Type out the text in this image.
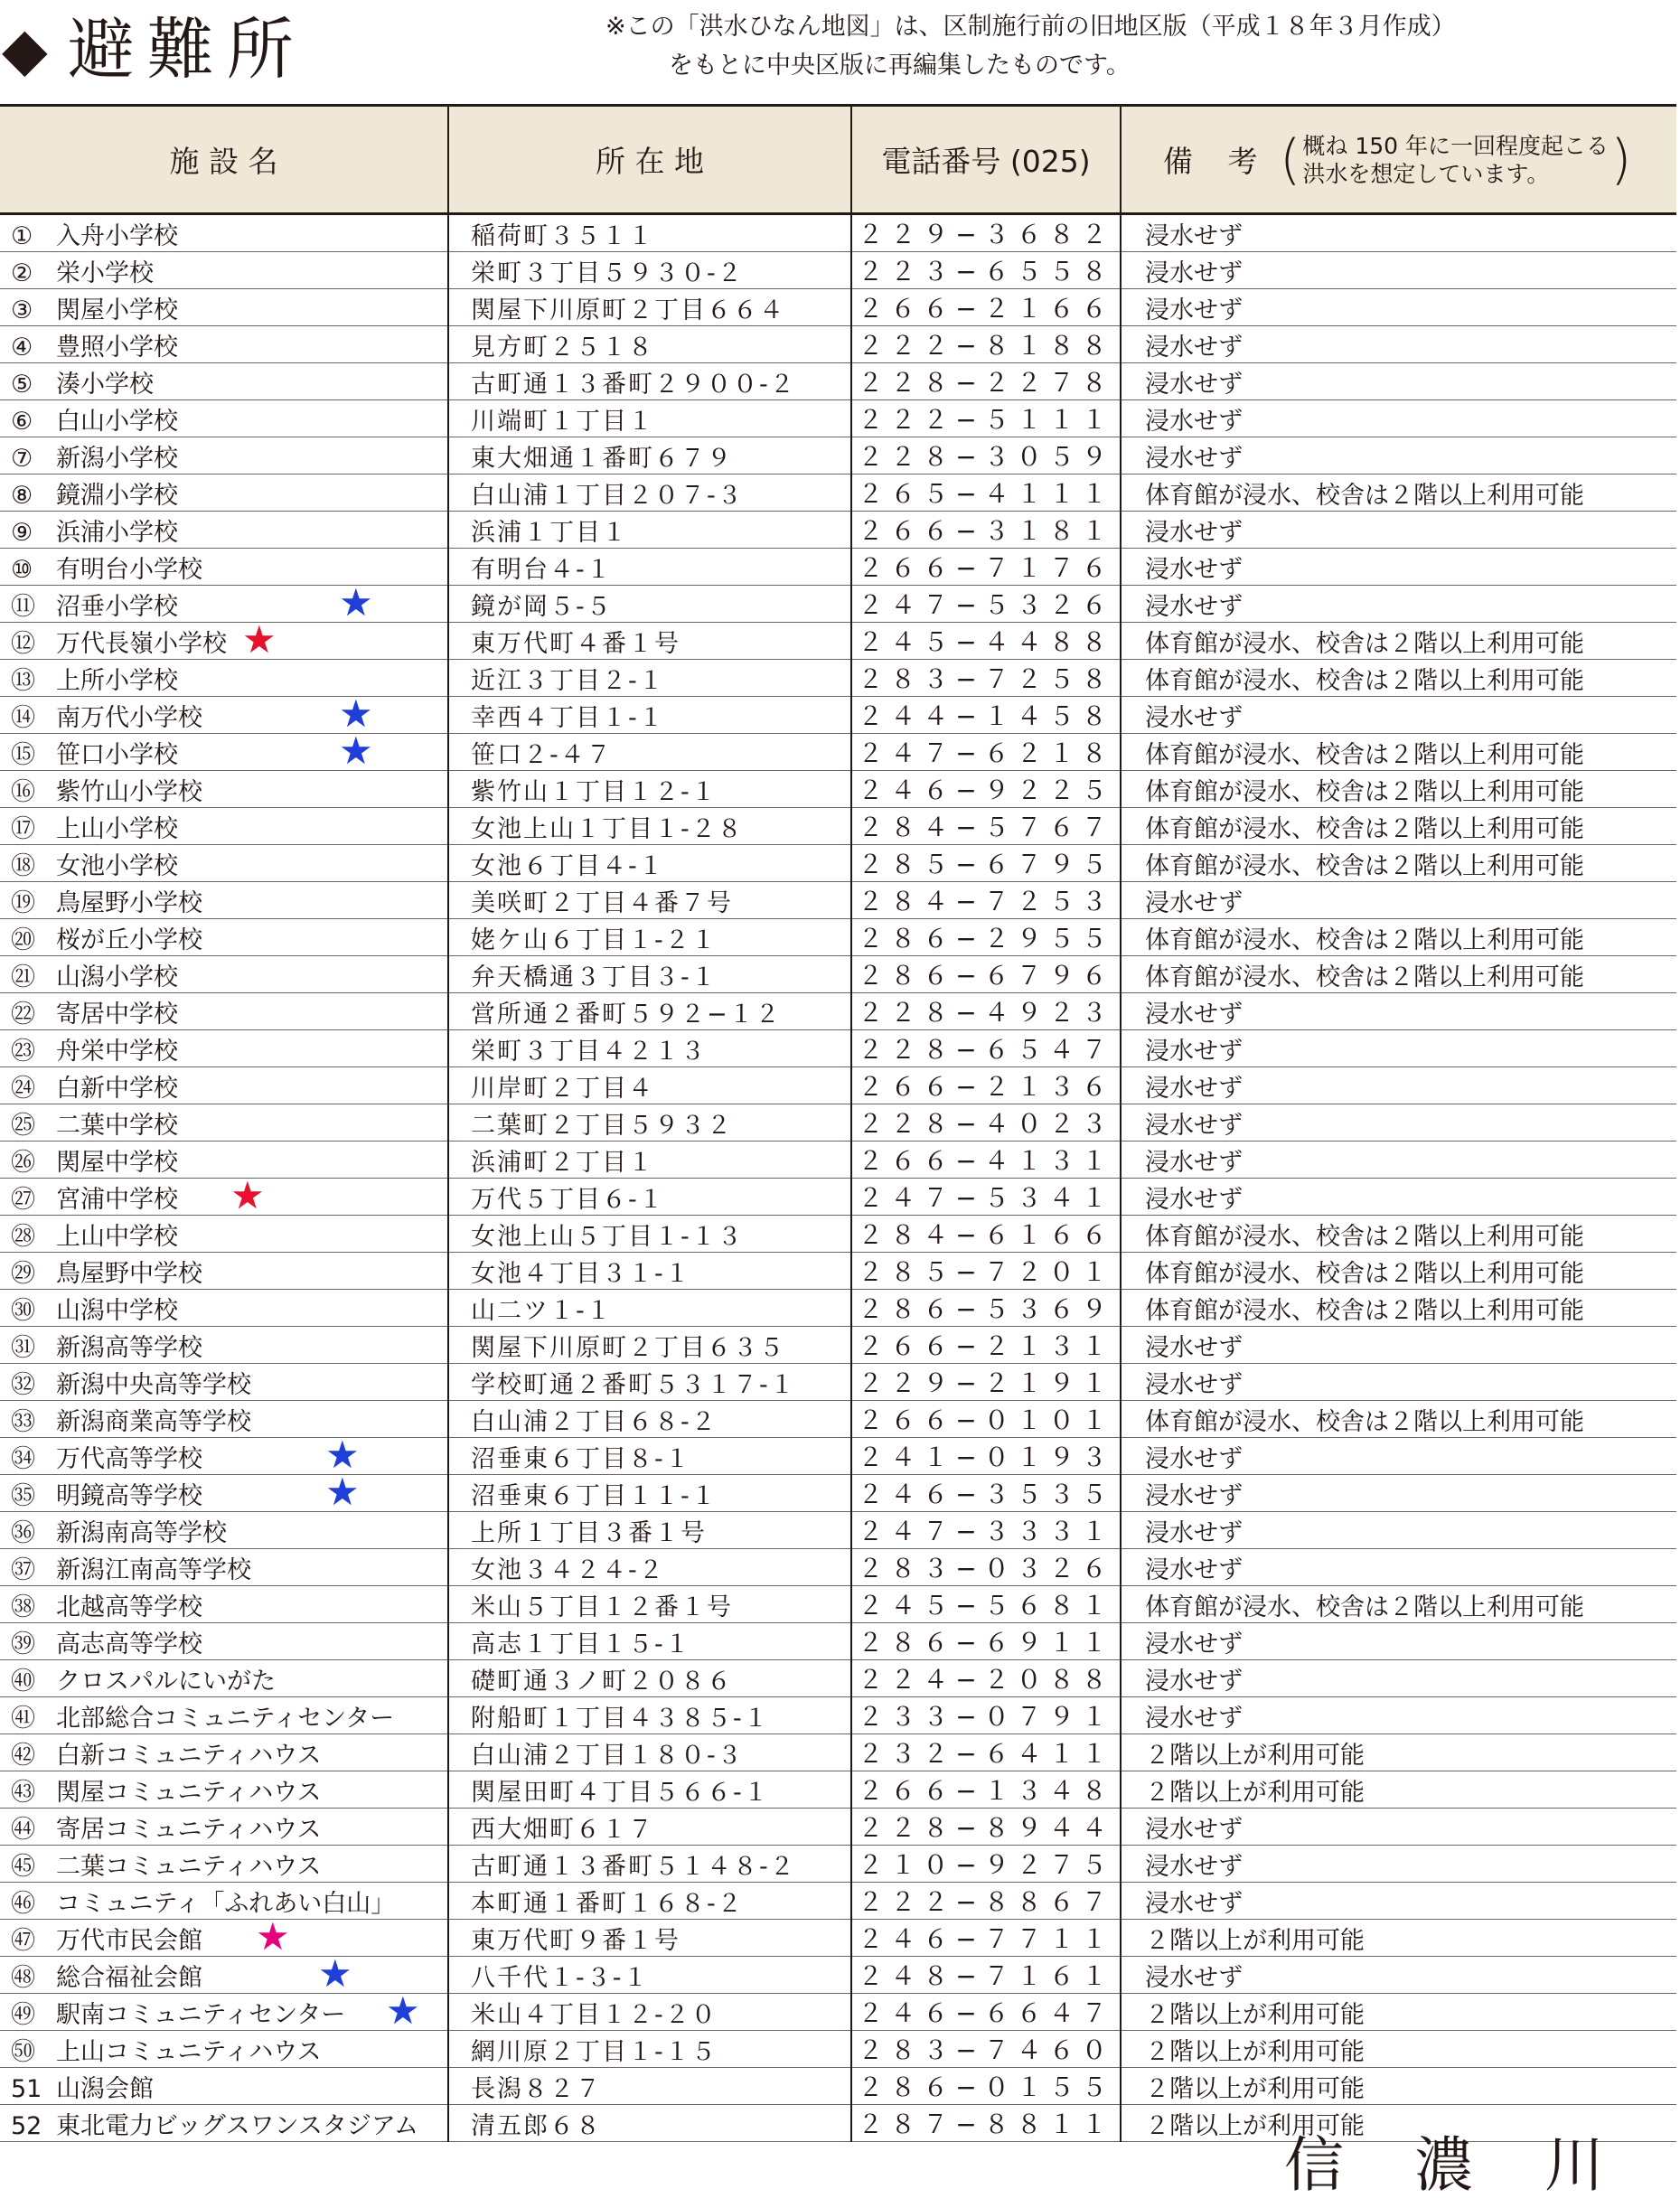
◆ 避難所	※この「洪水ひなん地図」は、区制施行前の旧地区版（平成１８年３月作成）
をもとに中央区版に再編集したものです。
施 設 名	所 在 地	電話番号 (025)	備 考 (概ね 150 年に一回程度起こる
洪水を想定しています。 )
① 入舟小学校	稲荷町３５１１	２２９−３６８２	浸水せず
② 栄小学校	栄町３丁目５９３０-２	２２３−６５５８	浸水せず
③ 関屋小学校	関屋下川原町２丁目６６４	２６６−２１６６	浸水せず
④ 豊照小学校	見方町２５１８	２２２−８１８８	浸水せず
⑤ 湊小学校	古町通１３番町２９００-２	２２８−２２７８	浸水せず
⑥ 白山小学校	川端町１丁目１	２２２−５１１１	浸水せず
⑦ 新潟小学校	東大畑通１番町６７９	２２８−３０５９	浸水せず
⑧ 鏡淵小学校	白山浦１丁目２０７-３	２６５−４１１１	体育館が浸水、校舎は２階以上利用可能
⑨ 浜浦小学校	浜浦１丁目１	２６６−３１８１	浸水せず
⑩ 有明台小学校	有明台４-１	２６６−７１７６	浸水せず
⑪ 沼垂小学校 ★	鏡が岡５-５	２４７−５３２６	浸水せず
⑫ 万代長嶺小学校 ★	東万代町４番１号	２４５−４４８８	体育館が浸水、校舎は２階以上利用可能
⑬ 上所小学校	近江３丁目２-１	２８３−７２５８	体育館が浸水、校舎は２階以上利用可能
⑭ 南万代小学校 ★	幸西４丁目１-１	２４４−１４５８	浸水せず
⑮ 笹口小学校 ★	笹口２-４７	２４７−６２１８	体育館が浸水、校舎は２階以上利用可能
⑯ 紫竹山小学校	紫竹山１丁目１２-１	２４６−９２２５	体育館が浸水、校舎は２階以上利用可能
⑰ 上山小学校	女池上山１丁目１-２８	２８４−５７６７	体育館が浸水、校舎は２階以上利用可能
⑱ 女池小学校	女池６丁目４-１	２８５−６７９５	体育館が浸水、校舎は２階以上利用可能
⑲ 鳥屋野小学校	美咲町２丁目４番７号	２８４−７２５３	浸水せず
⑳ 桜が丘小学校	姥ケ山６丁目１-２１	２８６−２９５５	体育館が浸水、校舎は２階以上利用可能
㉑ 山潟小学校	弁天橋通３丁目３-１	２８６−６７９６	体育館が浸水、校舎は２階以上利用可能
㉒ 寄居中学校	営所通２番町５９２−１２	２２８−４９２３	浸水せず
㉓ 舟栄中学校	栄町３丁目４２１３	２２８−６５４７	浸水せず
㉔ 白新中学校	川岸町２丁目４	２６６−２１３６	浸水せず
㉕ 二葉中学校	二葉町２丁目５９３２	２２８−４０２３	浸水せず
㉖ 関屋中学校	浜浦町２丁目１	２６６−４１３１	浸水せず
㉗ 宮浦中学校 ★	万代５丁目６-１	２４７−５３４１	浸水せず
㉘ 上山中学校	女池上山５丁目１-１３	２８４−６１６６	体育館が浸水、校舎は２階以上利用可能
㉙ 鳥屋野中学校	女池４丁目３１-１	２８５−７２０１	体育館が浸水、校舎は２階以上利用可能
㉚ 山潟中学校	山二ツ１-１	２８６−５３６９	体育館が浸水、校舎は２階以上利用可能
㉛ 新潟高等学校	関屋下川原町２丁目６３５	２６６−２１３１	浸水せず
㉜ 新潟中央高等学校	学校町通２番町５３１７-１	２２９−２１９１	浸水せず
㉝ 新潟商業高等学校	白山浦２丁目６８-２	２６６−０１０１	体育館が浸水、校舎は２階以上利用可能
㉞ 万代高等学校 ★	沼垂東６丁目８-１	２４１−０１９３	浸水せず
㉟ 明鏡高等学校 ★	沼垂東６丁目１１-１	２４６−３５３５	浸水せず
㊱ 新潟南高等学校	上所１丁目３番１号	２４７−３３３１	浸水せず
㊲ 新潟江南高等学校	女池３４２４-２	２８３−０３２６	浸水せず
㊳ 北越高等学校	米山５丁目１２番１号	２４５−５６８１	体育館が浸水、校舎は２階以上利用可能
㊴ 高志高等学校	高志１丁目１５-１	２８６−６９１１	浸水せず
㊵ クロスパルにいがた	礎町通３ノ町２０８６	２２４−２０８８	浸水せず
㊶ 北部総合コミュニティセンター	附船町１丁目４３８５-１	２３３−０７９１	浸水せず
㊷ 白新コミュニティハウス	白山浦２丁目１８０-３	２３２−６４１１	２階以上が利用可能
㊸ 関屋コミュニティハウス	関屋田町４丁目５６６-１	２６６−１３４８	２階以上が利用可能
㊹ 寄居コミュニティハウス	西大畑町６１７	２２８−８９４４	浸水せず
㊺ 二葉コミュニティハウス	古町通１３番町５１４８-２	２１０−９２７５	浸水せず
㊻ コミュニティ「ふれあい白山」	本町通１番町１６８-２	２２２−８８６７	浸水せず
㊼ 万代市民会館 ★	東万代町９番１号	２４６−７７１１	２階以上が利用可能
㊽ 総合福祉会館 ★	八千代１-３-１	２４８−７１６１	浸水せず
㊾ 駅南コミュニティセンター ★	米山４丁目１２-２０	２４６−６６４７	２階以上が利用可能
㊿ 上山コミュニティハウス	網川原２丁目１-１５	２８３−７４６０	２階以上が利用可能
51 山潟会館	長潟８２７	２８６−０１５５	２階以上が利用可能
52 東北電力ビッグスワンスタジアム	清五郎６８	２８７−８８１１	２階以上が利用可能
信濃川
